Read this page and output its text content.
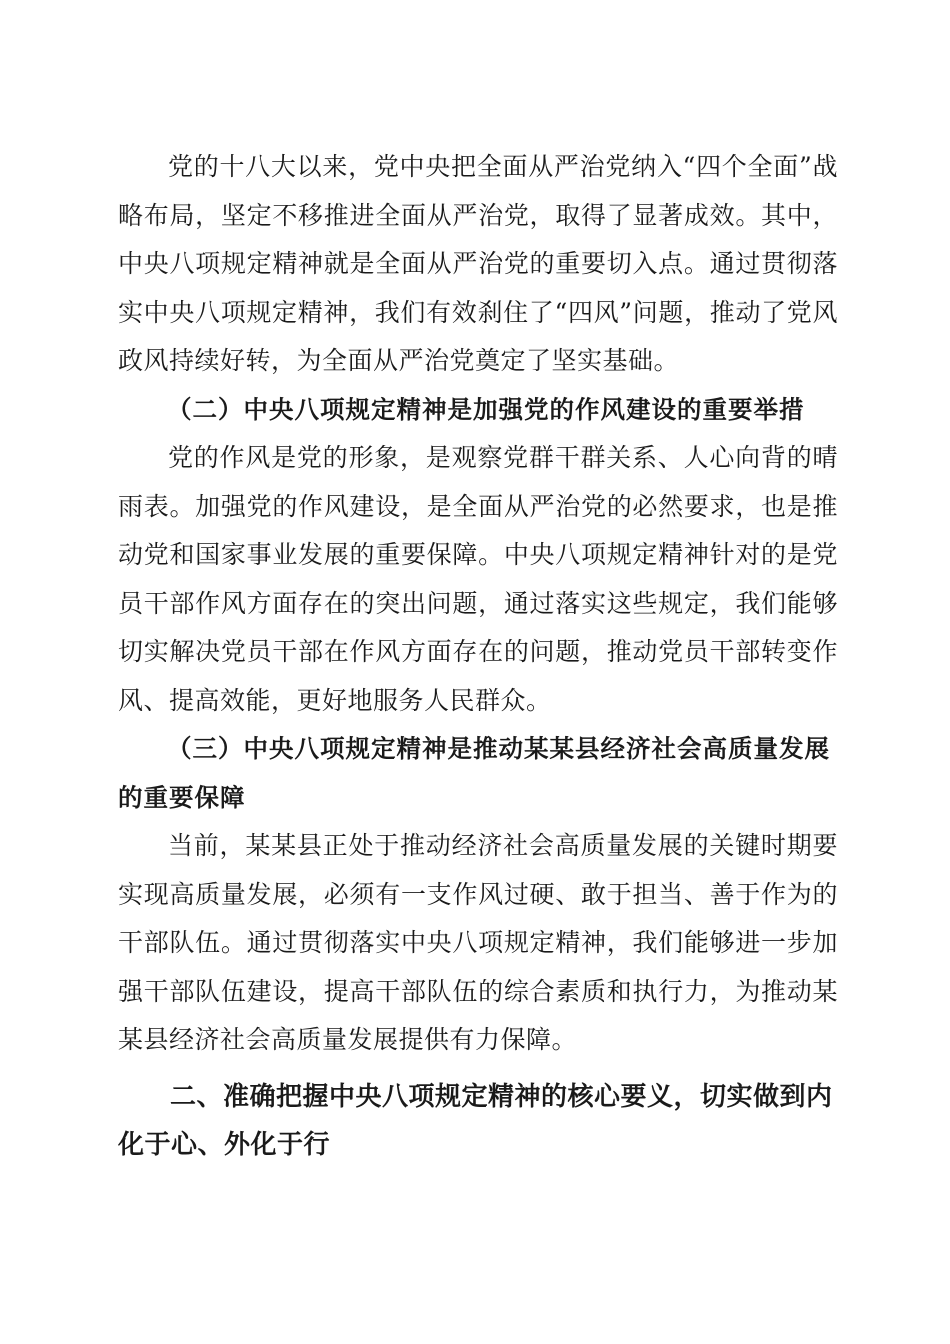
党的十八大以来，党中央把全面从严治党纳入“四个全面”战略布局，坚定不移推进全面从严治党，取得了显著成效。其中，中央八项规定精神就是全面从严治党的重要切入点。通过贯彻落实中央八项规定精神，我们有效刹住了“四风”问题，推动了党风政风持续好转，为全面从严治党奠定了坚实基础。

（二）中央八项规定精神是加强党的作风建设的重要举措

党的作风是党的形象，是观察党群干群关系、人心向背的晴雨表。加强党的作风建设，是全面从严治党的必然要求，也是推动党和国家事业发展的重要保障。中央八项规定精神针对的是党员干部作风方面存在的突出问题，通过落实这些规定，我们能够切实解决党员干部在作风方面存在的问题，推动党员干部转变作风、提高效能，更好地服务人民群众。

（三）中央八项规定精神是推动某某县经济社会高质量发展的重要保障

当前，某某县正处于推动经济社会高质量发展的关键时期要实现高质量发展，必须有一支作风过硬、敢于担当、善于作为的干部队伍。通过贯彻落实中央八项规定精神，我们能够进一步加强干部队伍建设，提高干部队伍的综合素质和执行力，为推动某某县经济社会高质量发展提供有力保障。

二、准确把握中央八项规定精神的核心要义，切实做到内化于心、外化于行
